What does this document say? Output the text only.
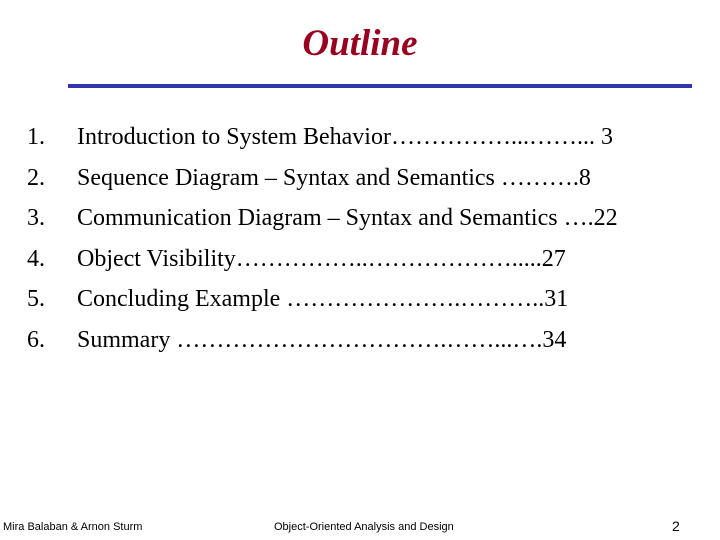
Outline
1.	Introduction to System Behavior……………...……... 3
2.	Sequence Diagram – Syntax and Semantics ……….8
3.	Communication Diagram – Syntax and Semantics ….22
4.	Object Visibility……………..……………….....27
5.	Concluding Example ………………….………..31
6.	Summary …………………………….……...….34
Mira Balaban & Arnon Sturm	Object-Oriented Analysis and Design	2
